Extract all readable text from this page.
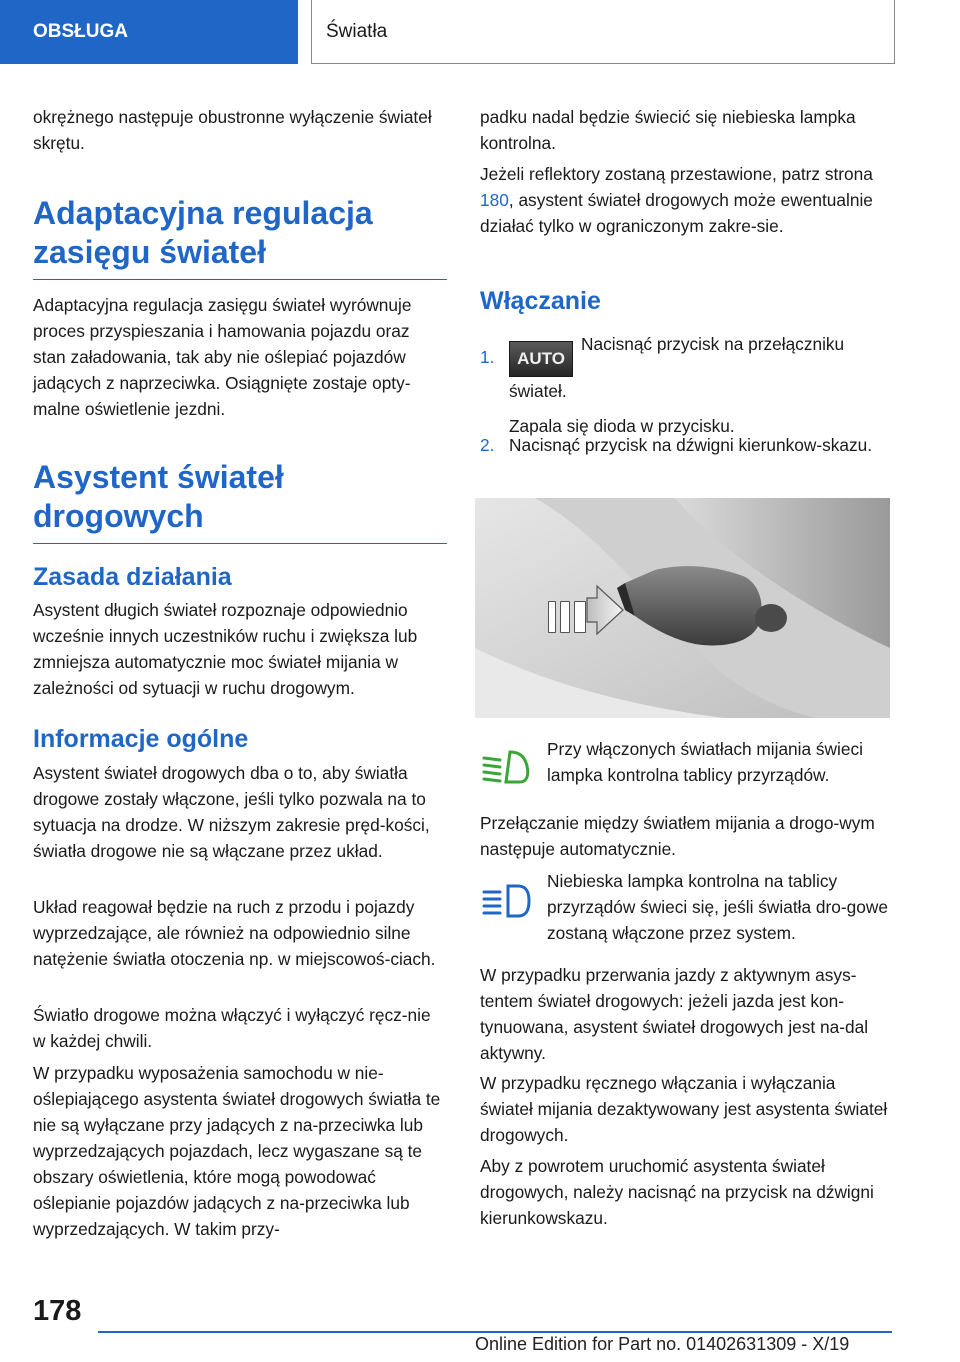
OBSŁUGA	Światła

okrężnego następuje obustronne wyłączenie świateł skrętu.

Adaptacyjna regulacja zasięgu świateł

Adaptacyjna regulacja zasięgu świateł wyrównuje proces przyspieszania i hamowania pojazdu oraz stan załadowania, tak aby nie oślepiać pojazdów jadących z naprzeciwka. Osiągnięte zostaje opty-malne oświetlenie jezdni.

Asystent świateł drogowych
Zasada działania

Asystent długich świateł rozpoznaje odpowiednio wcześnie innych uczestników ruchu i zwiększa lub zmniejsza automatycznie moc świateł mijania w zależności od sytuacji w ruchu drogowym.

Informacje ogólne

Asystent świateł drogowych dba o to, aby światła drogowe zostały włączone, jeśli tylko pozwala na to sytuacja na drodze. W niższym zakresie pręd-kości, światła drogowe nie są włączane przez układ.

Układ reagował będzie na ruch z przodu i pojazdy wyprzedzające, ale również na odpowiednio silne natężenie światła otoczenia np. w miejscowoś-ciach.

Światło drogowe można włączyć i wyłączyć ręcz-nie w każdej chwili.

W przypadku wyposażenia samochodu w nie-oślepiającego asystenta świateł drogowych światła te nie są wyłączane przy jadących z na-przeciwka lub wyprzedzających pojazdach, lecz wygaszane są te obszary oświetlenia, które mogą powodować oślepianie pojazdów jadących z na-przeciwka lub wyprzedzających. W takim przy-

padku nadal będzie świecić się niebieska lampka kontrolna.

Jeżeli reflektory zostaną przestawione, patrz strona 180, asystent świateł drogowych może ewentualnie działać tylko w ograniczonym zakre-sie.

Włączanie
1.	AUTONacisnąć przycisk na przełączniku świateł.

Zapala się dioda w przycisku.

2. Nacisnąć przycisk na dźwigni kierunkow-skazu.

Przy włączonych światłach mijania świeci lampka kontrolna tablicy przyrządów.

Przełączanie między światłem mijania a drogo-wym następuje automatycznie.

Niebieska lampka kontrolna na tablicy przyrządów świeci się, jeśli światła dro-gowe zostaną włączone przez system.

W przypadku przerwania jazdy z aktywnym asys-tentem świateł drogowych: jeżeli jazda jest kon-tynuowana, asystent świateł drogowych jest na-dal aktywny.

W przypadku ręcznego włączania i wyłączania świateł mijania dezaktywowany jest asystenta świateł drogowych.

Aby z powrotem uruchomić asystenta świateł drogowych, należy nacisnąć na przycisk na dźwigni kierunkowskazu.

178
Online Edition for Part no. 01402631309 - X/19
